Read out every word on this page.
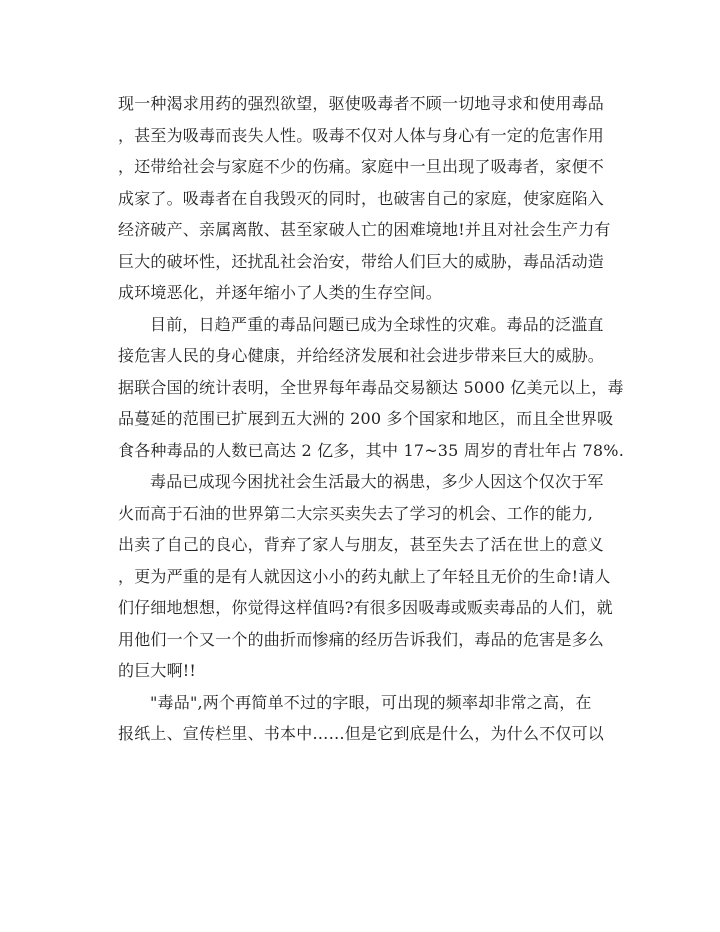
现一种渴求用药的强烈欲望，驱使吸毒者不顾一切地寻求和使用毒品
，甚至为吸毒而丧失人性。吸毒不仅对人体与身心有一定的危害作用
，还带给社会与家庭不少的伤痛。家庭中一旦出现了吸毒者，家便不
成家了。吸毒者在自我毁灭的同时，也破害自己的家庭，使家庭陷入
经济破产、亲属离散、甚至家破人亡的困难境地!并且对社会生产力有
巨大的破坏性，还扰乱社会治安，带给人们巨大的威胁，毒品活动造
成环境恶化，并逐年缩小了人类的生存空间。
目前，日趋严重的毒品问题已成为全球性的灾难。毒品的泛滥直
接危害人民的身心健康，并给经济发展和社会进步带来巨大的威胁。
据联合国的统计表明，全世界每年毒品交易额达 5000 亿美元以上，毒
品蔓延的范围已扩展到五大洲的 200 多个国家和地区，而且全世界吸
食各种毒品的人数已高达 2 亿多，其中 17~35 周岁的青壮年占 78%.
毒品已成现今困扰社会生活最大的祸患，多少人因这个仅次于军
火而高于石油的世界第二大宗买卖失去了学习的机会、工作的能力,
出卖了自己的良心，背弃了家人与朋友，甚至失去了活在世上的意义
，更为严重的是有人就因这小小的药丸献上了年轻且无价的生命!请人
们仔细地想想，你觉得这样值吗?有很多因吸毒或贩卖毒品的人们，就
用他们一个又一个的曲折而惨痛的经历告诉我们，毒品的危害是多么
的巨大啊!!
"毒品",两个再简单不过的字眼，可出现的频率却非常之高，在
报纸上、宣传栏里、书本中……但是它到底是什么，为什么不仅可以
